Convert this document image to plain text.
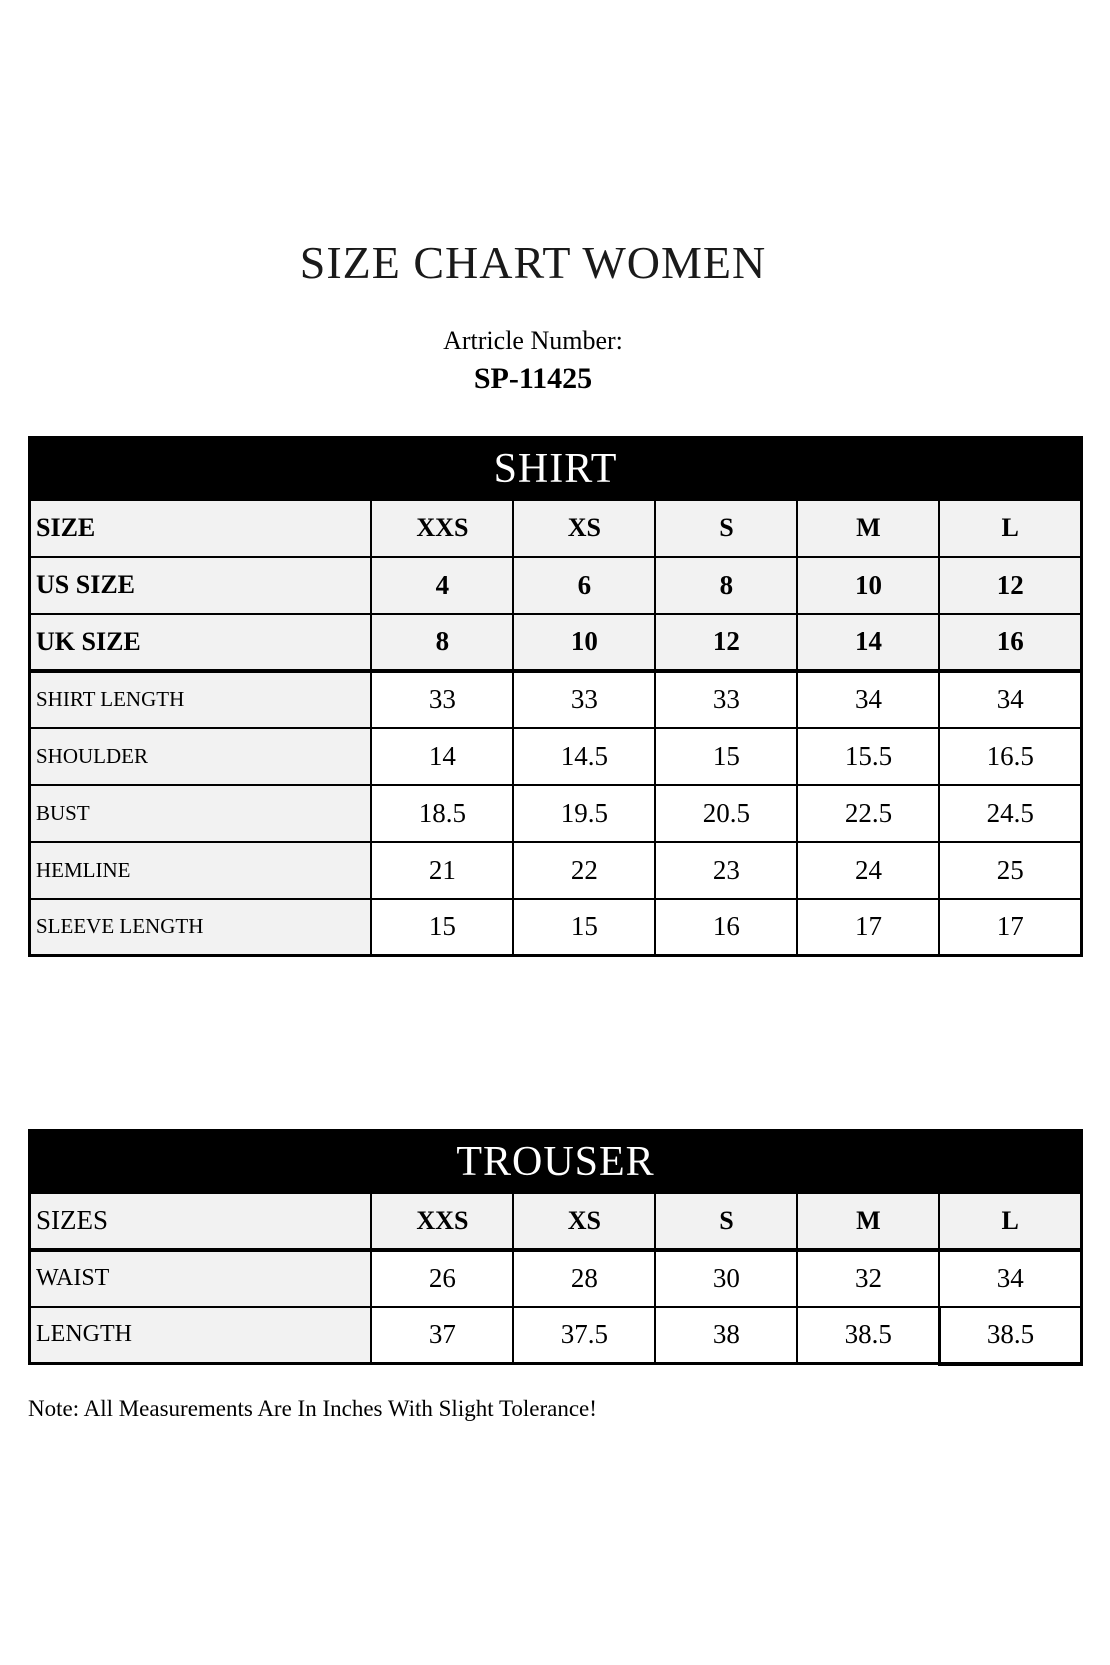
SIZE CHART WOMEN
Artricle Number:
SP-11425
SHIRT					
SIZE	XXS	XS	S	M	L
US SIZE	4	6	8	10	12
UK SIZE	8	10	12	14	16
SHIRT LENGTH	33	33	33	34	34
SHOULDER	14	14.5	15	15.5	16.5
BUST	18.5	19.5	20.5	22.5	24.5
HEMLINE	21	22	23	24	25
SLEEVE LENGTH	15	15	16	17	17
TROUSER					
SIZES	XXS	XS	S	M	L
WAIST	26	28	30	32	34
LENGTH	37	37.5	38	38.5	38.5
Note: All Measurements Are In Inches With Slight Tolerance!
